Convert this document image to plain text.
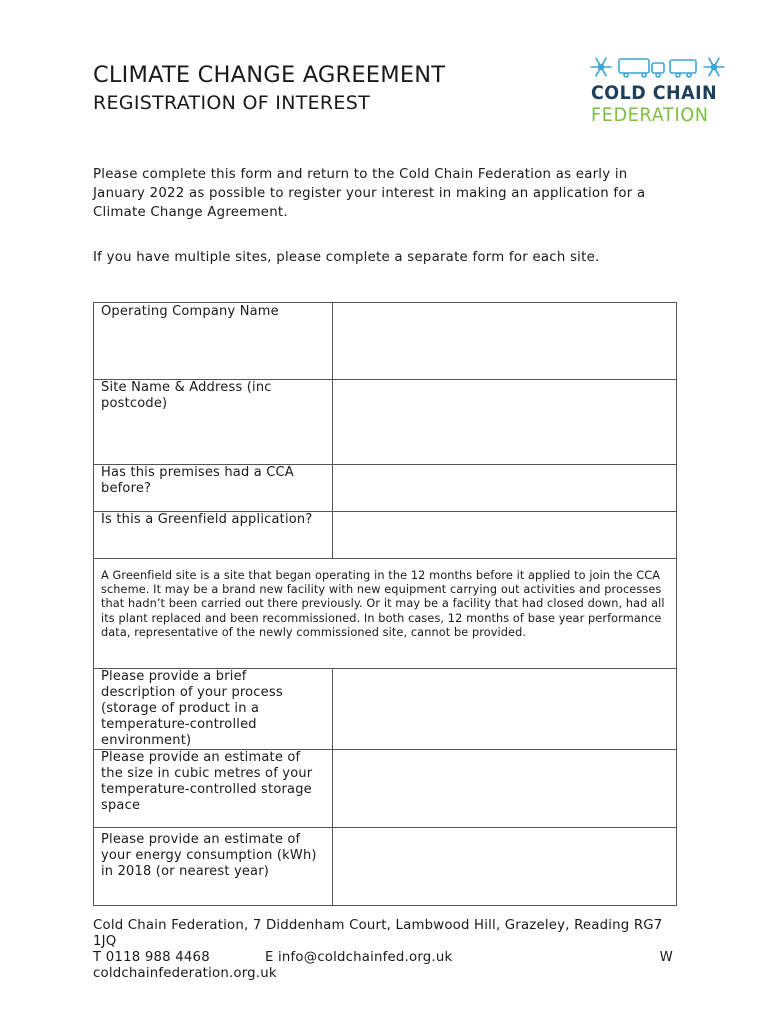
CLIMATE CHANGE AGREEMENT
REGISTRATION OF INTEREST	COLD CHAIN
FEDERATION

Please complete this form and return to the Cold Chain Federation as early in January 2022 as possible to register your interest in making an application for a Climate Change Agreement.

If you have multiple sites, please complete a separate form for each site.

Operating Company Name	
Site Name & Address (inc postcode)	
Has this premises had a CCA before?	
Is this a Greenfield application?	
A Greenfield site is a site that began operating in the 12 months before it applied to join the CCA scheme. It may be a brand new facility with new equipment carrying out activities and processes that hadn’t been carried out there previously. Or it may be a facility that had closed down, had all its plant replaced and been recommissioned. In both cases, 12 months of base year performance data, representative of the newly commissioned site, cannot be provided.	
Please provide a brief description of your process (storage of product in a temperature-controlled environment)	
Please provide an estimate of the size in cubic metres of your temperature-controlled storage space	
Please provide an estimate of your energy consumption (kWh) in 2018 (or nearest year)	
Cold Chain Federation, 7 Diddenham Court, Lambwood Hill, Grazeley, Reading RG7 1JQ
T 0118 988 4468	E info@coldchainfed.org.uk	W
coldchainfederation.org.uk
